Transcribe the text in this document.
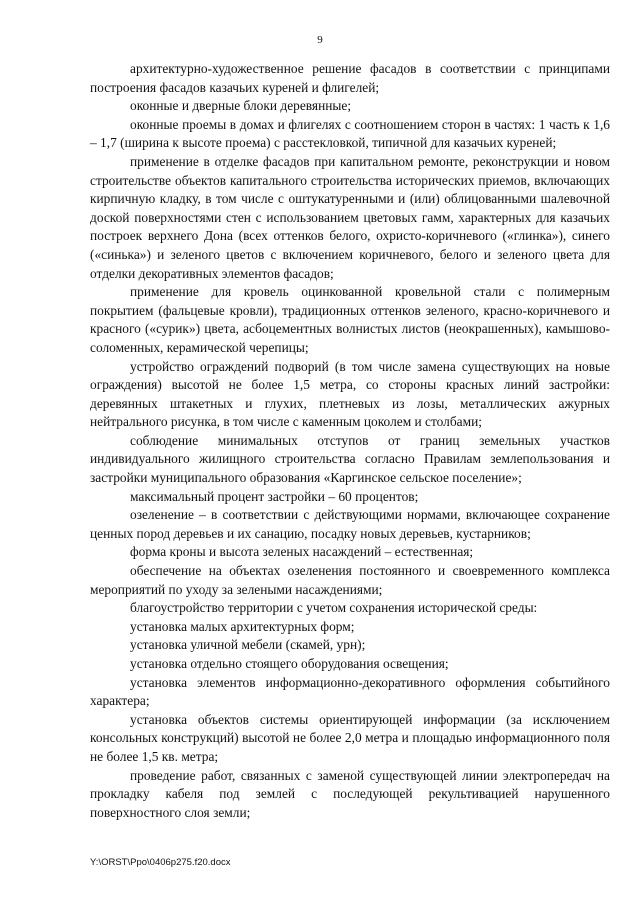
9

архитектурно-художественное решение фасадов в соответствии с принципами построения фасадов казачьих куреней и флигелей;

оконные и дверные блоки деревянные;

оконные проемы в домах и флигелях с соотношением сторон в частях: 1 часть к 1,6 – 1,7 (ширина к высоте проема) с расстекловкой, типичной для казачьих куреней;

применение в отделке фасадов при капитальном ремонте, реконструкции и новом строительстве объектов капитального строительства исторических приемов, включающих кирпичную кладку, в том числе с оштукатуренными и (или) облицованными шалевочной доской поверхностями стен с использованием цветовых гамм, характерных для казачьих построек верхнего Дона (всех оттенков белого, охристо-коричневого («глинка»), синего («синька») и зеленого цветов с включением коричневого, белого и зеленого цвета для отделки декоративных элементов фасадов;

применение для кровель оцинкованной кровельной стали с полимерным покрытием (фальцевые кровли), традиционных оттенков зеленого, красно-коричневого и красного («сурик») цвета, асбоцементных волнистых листов (неокрашенных), камышово-соломенных, керамической черепицы;

устройство ограждений подворий (в том числе замена существующих на новые ограждения) высотой не более 1,5 метра, со стороны красных линий застройки: деревянных штакетных и глухих, плетневых из лозы, металлических ажурных нейтрального рисунка, в том числе с каменным цоколем и столбами;

соблюдение минимальных отступов от границ земельных участков индивидуального жилищного строительства согласно Правилам землепользования и застройки муниципального образования «Каргинское сельское поселение»;

максимальный процент застройки – 60 процентов;

озеленение – в соответствии с действующими нормами, включающее сохранение ценных пород деревьев и их санацию, посадку новых деревьев, кустарников;

форма кроны и высота зеленых насаждений – естественная;

обеспечение на объектах озеленения постоянного и своевременного комплекса мероприятий по уходу за зелеными насаждениями;

благоустройство территории с учетом сохранения исторической среды:

установка малых архитектурных форм;

установка уличной мебели (скамей, урн);

установка отдельно стоящего оборудования освещения;

установка элементов информационно-декоративного оформления событийного характера;

установка объектов системы ориентирующей информации (за исключением консольных конструкций) высотой не более 2,0 метра и площадью информационного поля не более 1,5 кв. метра;

проведение работ, связанных с заменой существующей линии электропередач на прокладку кабеля под землей с последующей рекультивацией нарушенного поверхностного слоя земли;

Y:\ORST\Ppo\0406p275.f20.docx
